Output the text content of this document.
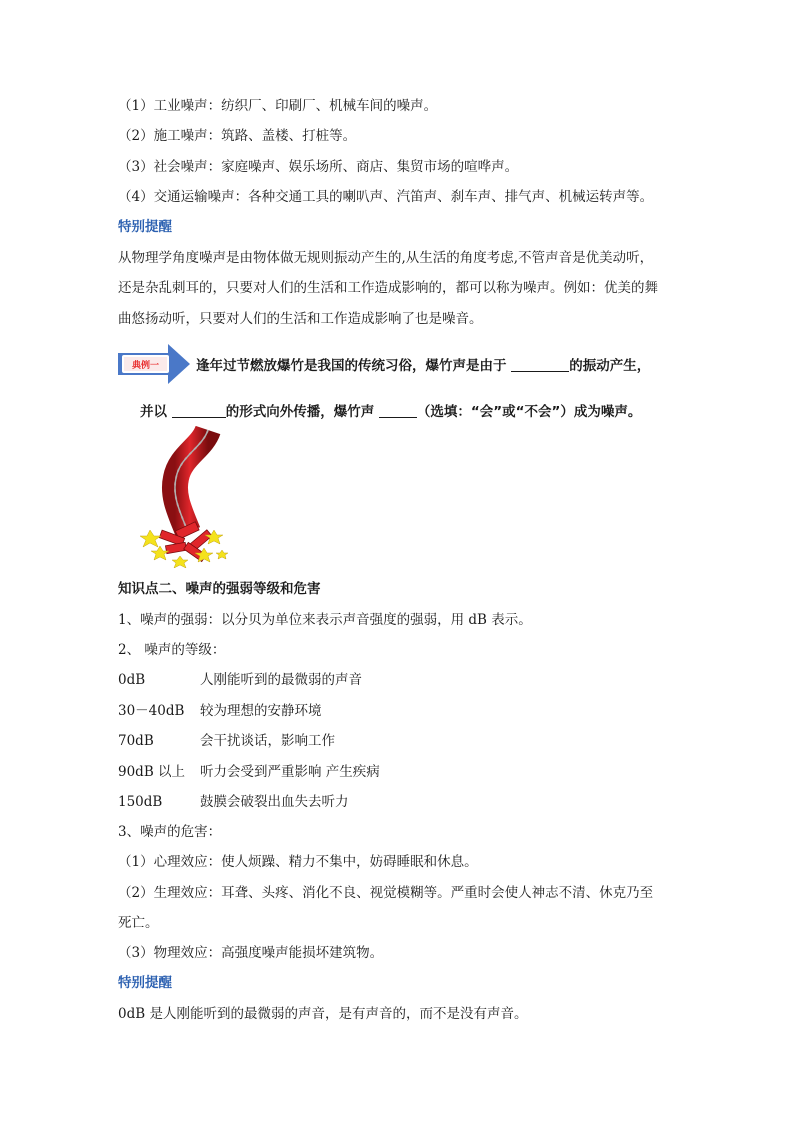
（1）工业噪声：纺织厂、印刷厂、机械车间的噪声。
（2）施工噪声：筑路、盖楼、打桩等。
（3）社会噪声：家庭噪声、娱乐场所、商店、集贸市场的喧哗声。
（4）交通运输噪声：各种交通工具的喇叭声、汽笛声、刹车声、排气声、机械运转声等。
特别提醒
从物理学角度噪声是由物体做无规则振动产生的,从生活的角度考虑,不管声音是优美动听，
还是杂乱刺耳的，只要对人们的生活和工作造成影响的，都可以称为噪声。例如：优美的舞
曲悠扬动听，只要对人们的生活和工作造成影响了也是噪音。
典例一	逢年过节燃放爆竹是我国的传统习俗，爆竹声是由于	的振动产生，
并以	的形式向外传播，爆竹声	（选填：“会”或“不会”）成为噪声。
知识点二、噪声的强弱等级和危害
1、噪声的强弱：以分贝为单位来表示声音强度的强弱，用 dB 表示。
2、 噪声的等级：
0dB	人刚能听到的最微弱的声音
30－40dB 较为理想的安静环境
70dB	会干扰谈话，影响工作
90dB 以上 听力会受到严重影响 产生疾病
150dB	鼓膜会破裂出血失去听力
3、噪声的危害：
（1）心理效应：使人烦躁、精力不集中，妨碍睡眠和休息。
（2）生理效应：耳聋、头疼、消化不良、视觉模糊等。严重时会使人神志不清、休克乃至
死亡。
（3）物理效应：高强度噪声能损坏建筑物。
特别提醒
0dB 是人刚能听到的最微弱的声音，是有声音的，而不是没有声音。
